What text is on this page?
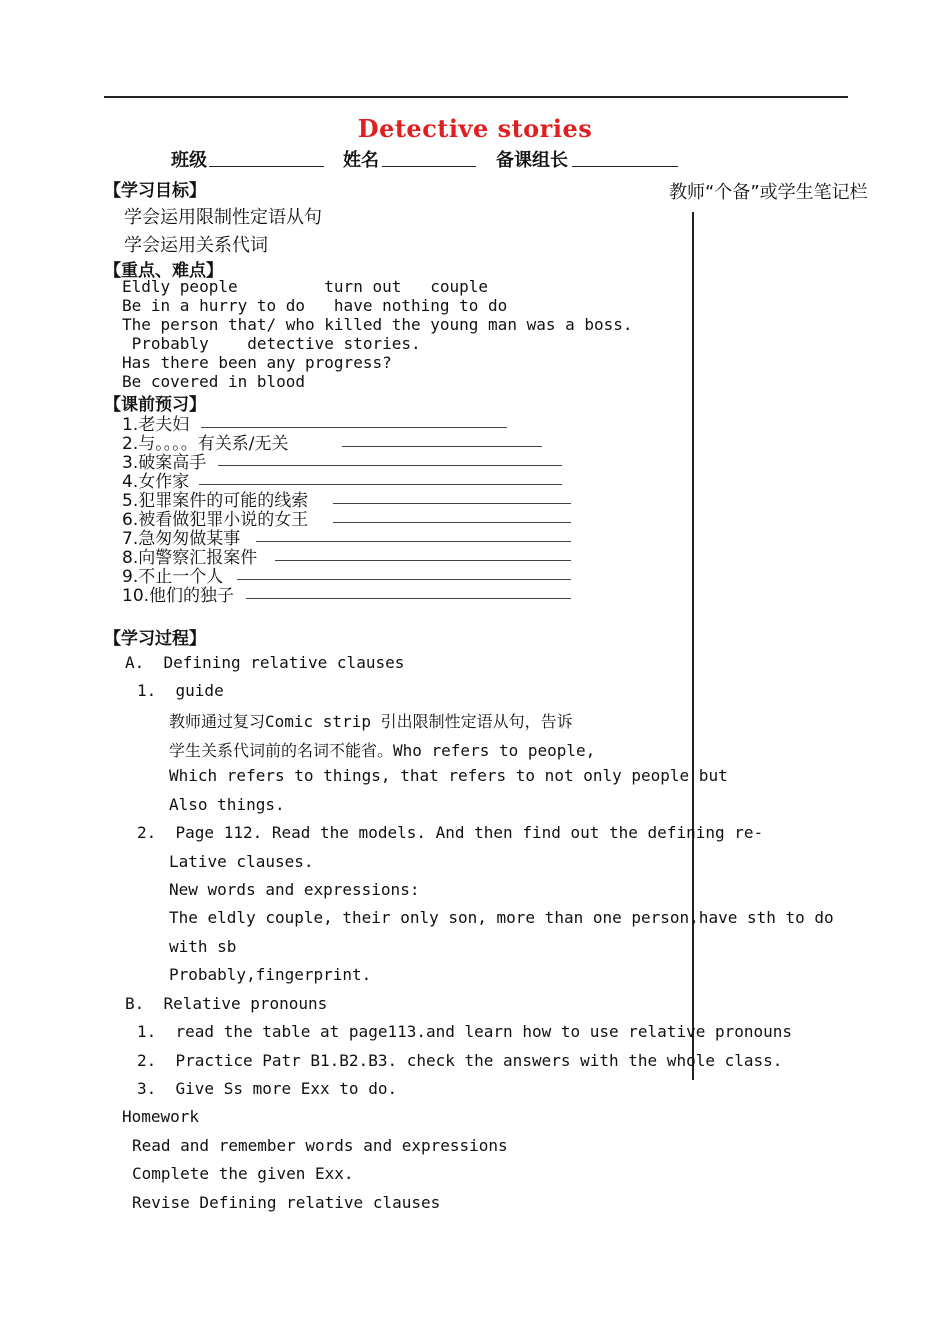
Detective stories
班级	姓名	备课组长
教师“个备”或学生笔记栏
【学习目标】
学会运用限制性定语从句
学会运用关系代词
【重点、难点】
Eldly people         turn out   couple
Be in a hurry to do   have nothing to do
The person that/ who killed the young man was a boss.
Probably    detective stories.
Has there been any progress?
Be covered in blood
【课前预习】
1.老夫妇
2.与。。。。有关系/无关
3.破案高手
4.女作家
5.犯罪案件的可能的线索
6.被看做犯罪小说的女王
7.急匆匆做某事
8.向警察汇报案件
9.不止一个人
10.他们的独子
【学习过程】
A.  Defining relative clauses
1.  guide
教师通过复习Comic strip 引出限制性定语从句，告诉
学生关系代词前的名词不能省。Who refers to people,
Which refers to things, that refers to not only people but
Also things.
2.  Page 112. Read the models. And then find out the defining re-
Lative clauses.
New words and expressions:
The eldly couple, their only son, more than one person,have sth to do
with sb
Probably,fingerprint.
B.  Relative pronouns
1.  read the table at page113.and learn how to use relative pronouns
2.  Practice Patr B1.B2.B3. check the answers with the whole class.
3.  Give Ss more Exx to do.
Homework
Read and remember words and expressions
Complete the given Exx.
Revise Defining relative clauses
